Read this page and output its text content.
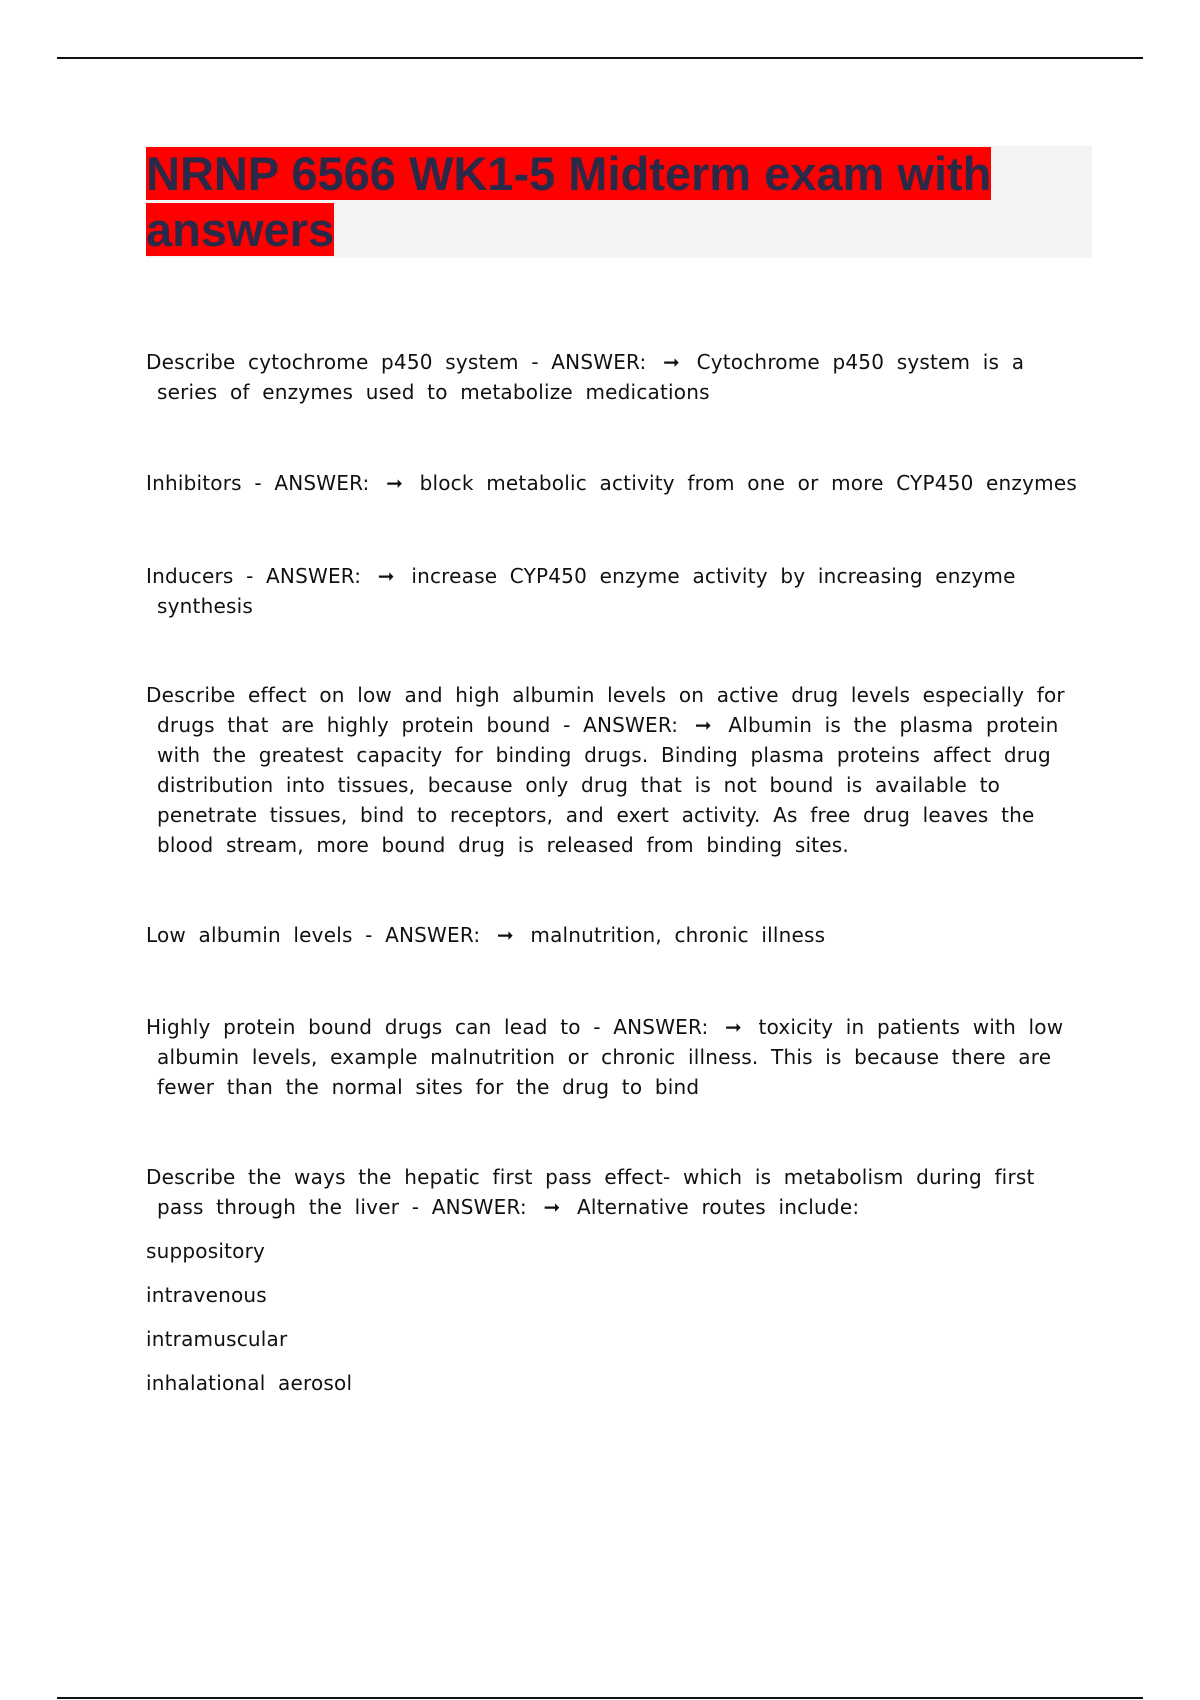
NRNP 6566 WK1-5 Midterm exam with answers

Describe cytochrome p450 system - ANSWER: ➞ Cytochrome p450 system is a series of enzymes used to metabolize medications

Inhibitors - ANSWER: ➞ block metabolic activity from one or more CYP450 enzymes

Inducers - ANSWER: ➞ increase CYP450 enzyme activity by increasing enzyme synthesis

Describe effect on low and high albumin levels on active drug levels especially for drugs that are highly protein bound - ANSWER: ➞ Albumin is the plasma protein with the greatest capacity for binding drugs. Binding plasma proteins affect drug distribution into tissues, because only drug that is not bound is available to penetrate tissues, bind to receptors, and exert activity. As free drug leaves the blood stream, more bound drug is released from binding sites.

Low albumin levels - ANSWER: ➞ malnutrition, chronic illness

Highly protein bound drugs can lead to - ANSWER: ➞ toxicity in patients with low albumin levels, example malnutrition or chronic illness. This is because there are fewer than the normal sites for the drug to bind

Describe the ways the hepatic first pass effect- which is metabolism during first pass through the liver - ANSWER: ➞ Alternative routes include:

suppository

intravenous

intramuscular

inhalational aerosol
